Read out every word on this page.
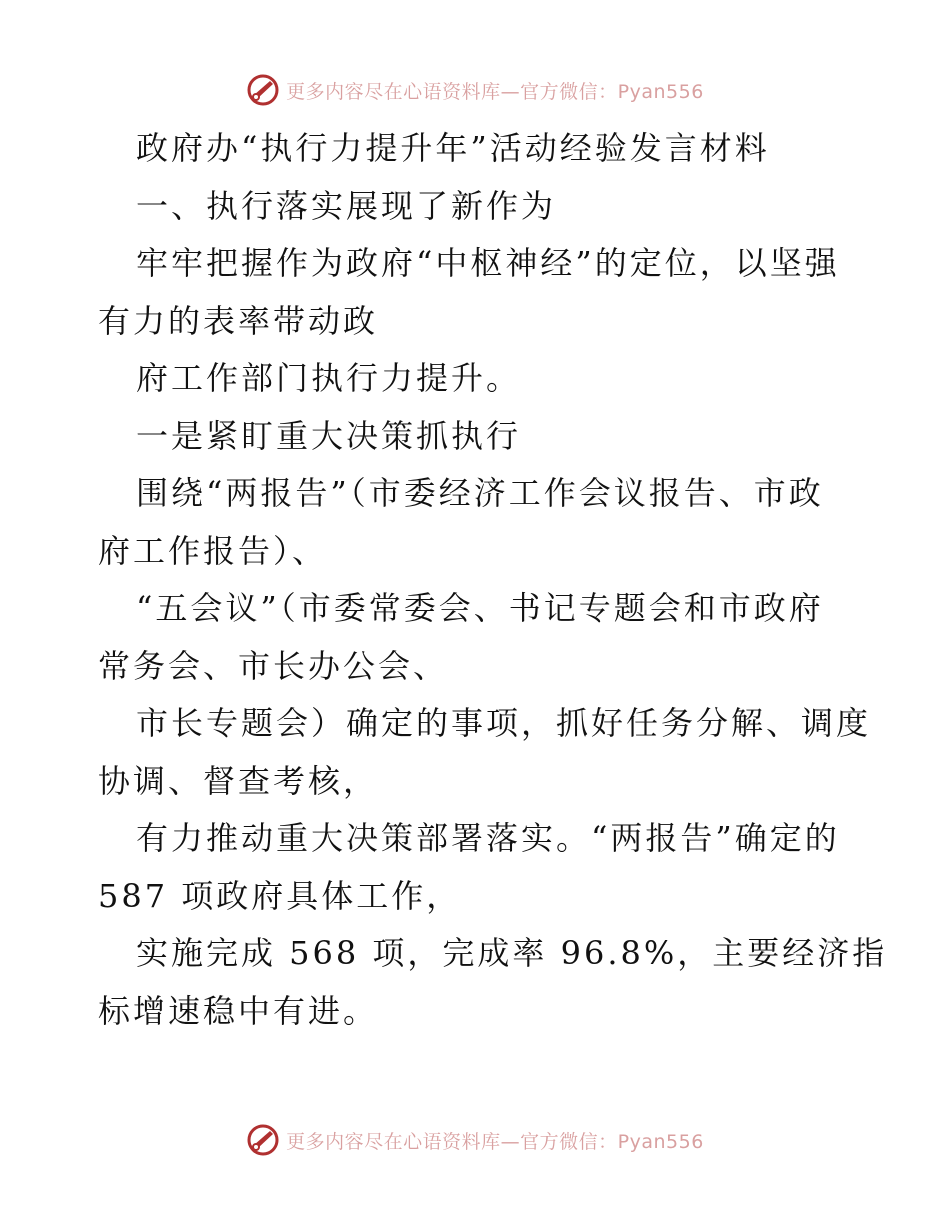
更多内容尽在心语资料库—官方微信：Pyan556
政府办“执行力提升年”活动经验发言材料
一、执行落实展现了新作为
牢牢把握作为政府“中枢神经”的定位，以坚强
有力的表率带动政
府工作部门执行力提升。
一是紧盯重大决策抓执行
围绕“两报告”（市委经济工作会议报告、市政
府工作报告）、
“五会议”（市委常委会、书记专题会和市政府
常务会、市长办公会、
市长专题会）确定的事项，抓好任务分解、调度
协调、督查考核，
有力推动重大决策部署落实。“两报告”确定的
587 项政府具体工作，
实施完成 568 项，完成率 96.8%，主要经济指
标增速稳中有进。
更多内容尽在心语资料库—官方微信：Pyan556
